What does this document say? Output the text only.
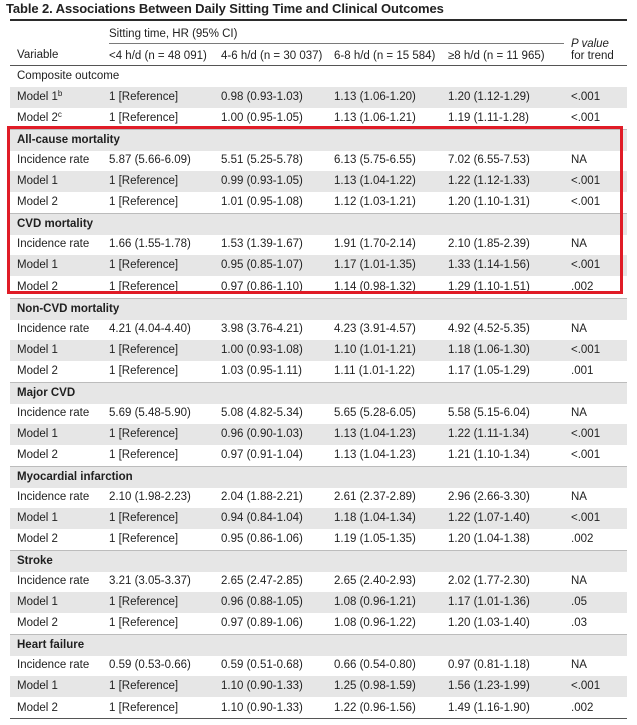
Table 2. Associations Between Daily Sitting Time and Clinical Outcomes
Sitting time, HR (95% CI)
Variable	<4 h/d (n = 48 091) 4-6 h/d (n = 30 037) 6-8 h/d (n = 15 584) ≥8 h/d (n = 11 965)
P value
for trend
Composite outcome
Model 1$^b$	1 [Reference]	0.98 (0.93-1.03)	1.13 (1.06-1.20)	1.20 (1.12-1.29)	<.001
Model 2$^c$	1 [Reference]	1.00 (0.95-1.05)	1.13 (1.06-1.21)	1.19 (1.11-1.28)	<.001
All-cause mortality
Incidence rate 5.87 (5.66-6.09)	5.51 (5.25-5.78)	6.13 (5.75-6.55)	7.02 (6.55-7.53)	NA
Model 1	1 [Reference]	0.99 (0.93-1.05)	1.13 (1.04-1.22)	1.22 (1.12-1.33)	<.001
Model 2	1 [Reference]	1.01 (0.95-1.08)	1.12 (1.03-1.21)	1.20 (1.10-1.31)	<.001
CVD mortality
Incidence rate 1.66 (1.55-1.78)	1.53 (1.39-1.67)	1.91 (1.70-2.14)	2.10 (1.85-2.39)	NA
Model 1	1 [Reference]	0.95 (0.85-1.07)	1.17 (1.01-1.35)	1.33 (1.14-1.56)	<.001
Model 2	1 [Reference]	0.97 (0.86-1.10)	1.14 (0.98-1.32)	1.29 (1.10-1.51)	.002
Non-CVD mortality
Incidence rate 4.21 (4.04-4.40)	3.98 (3.76-4.21)	4.23 (3.91-4.57)	4.92 (4.52-5.35)	NA
Model 1	1 [Reference]	1.00 (0.93-1.08)	1.10 (1.01-1.21)	1.18 (1.06-1.30)	<.001
Model 2	1 [Reference]	1.03 (0.95-1.11)	1.11 (1.01-1.22)	1.17 (1.05-1.29)	.001
Major CVD
Incidence rate 5.69 (5.48-5.90)	5.08 (4.82-5.34)	5.65 (5.28-6.05)	5.58 (5.15-6.04)	NA
Model 1	1 [Reference]	0.96 (0.90-1.03)	1.13 (1.04-1.23)	1.22 (1.11-1.34)	<.001
Model 2	1 [Reference]	0.97 (0.91-1.04)	1.13 (1.04-1.23)	1.21 (1.10-1.34)	<.001
Myocardial infarction
Incidence rate 2.10 (1.98-2.23)	2.04 (1.88-2.21)	2.61 (2.37-2.89)	2.96 (2.66-3.30)	NA
Model 1	1 [Reference]	0.94 (0.84-1.04)	1.18 (1.04-1.34)	1.22 (1.07-1.40)	<.001
Model 2	1 [Reference]	0.95 (0.86-1.06)	1.19 (1.05-1.35)	1.20 (1.04-1.38)	.002
Stroke
Incidence rate 3.21 (3.05-3.37)	2.65 (2.47-2.85)	2.65 (2.40-2.93)	2.02 (1.77-2.30)	NA
Model 1	1 [Reference]	0.96 (0.88-1.05)	1.08 (0.96-1.21)	1.17 (1.01-1.36)	.05
Model 2	1 [Reference]	0.97 (0.89-1.06)	1.08 (0.96-1.22)	1.20 (1.03-1.40)	.03
Heart failure
Incidence rate 0.59 (0.53-0.66)	0.59 (0.51-0.68)	0.66 (0.54-0.80)	0.97 (0.81-1.18)	NA
Model 1	1 [Reference]	1.10 (0.90-1.33)	1.25 (0.98-1.59)	1.56 (1.23-1.99)	<.001
Model 2	1 [Reference]	1.10 (0.90-1.33)	1.22 (0.96-1.56)	1.49 (1.16-1.90)	.002
